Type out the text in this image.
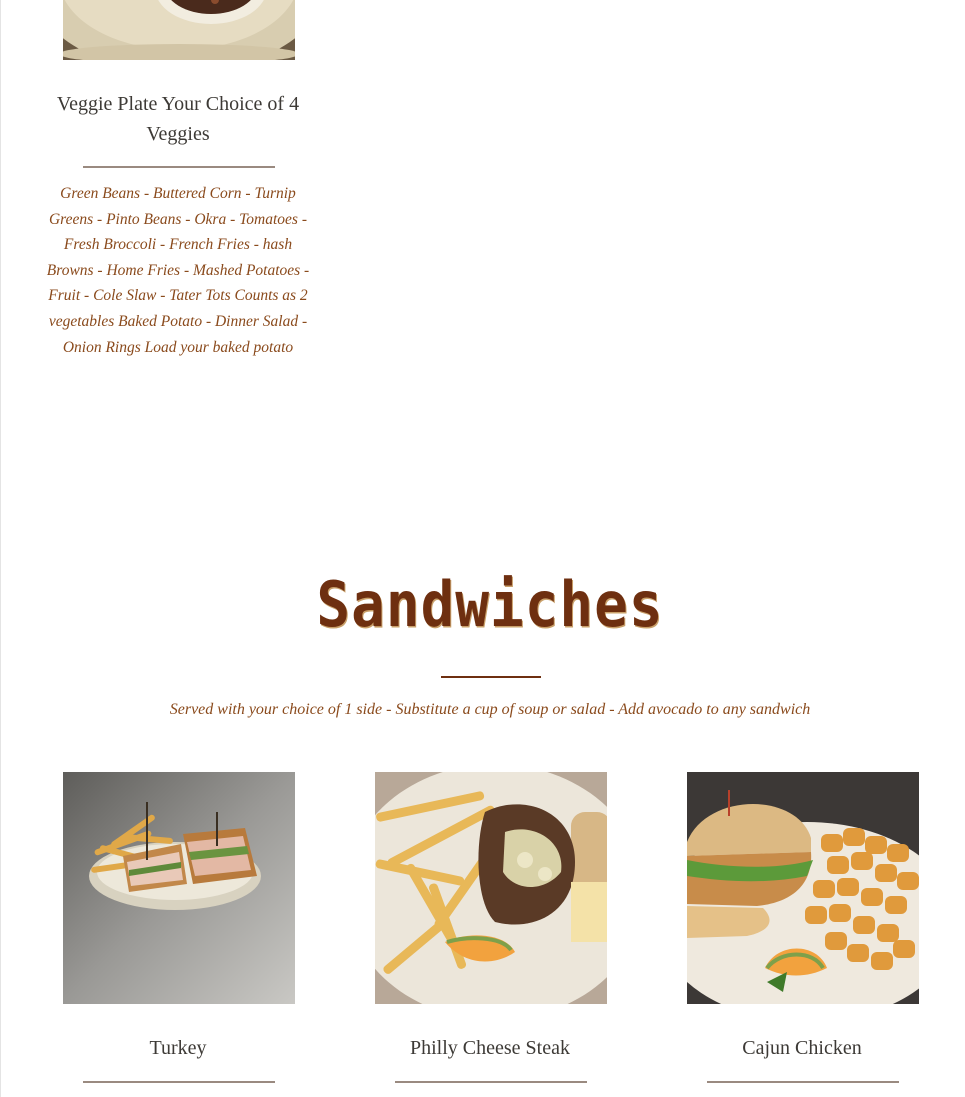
Veggie Plate Your Choice of 4 Veggies
Green Beans - Buttered Corn - Turnip Greens - Pinto Beans - Okra - Tomatoes - Fresh Broccoli - French Fries - hash Browns - Home Fries - Mashed Potatoes - Fruit - Cole Slaw - Tater Tots Counts as 2 vegetables Baked Potato - Dinner Salad - Onion Rings Load your baked potato
Sandwiches
Served with your choice of 1 side - Substitute a cup of soup or salad - Add avocado to any sandwich
Turkey	Philly Cheese Steak	Cajun Chicken
